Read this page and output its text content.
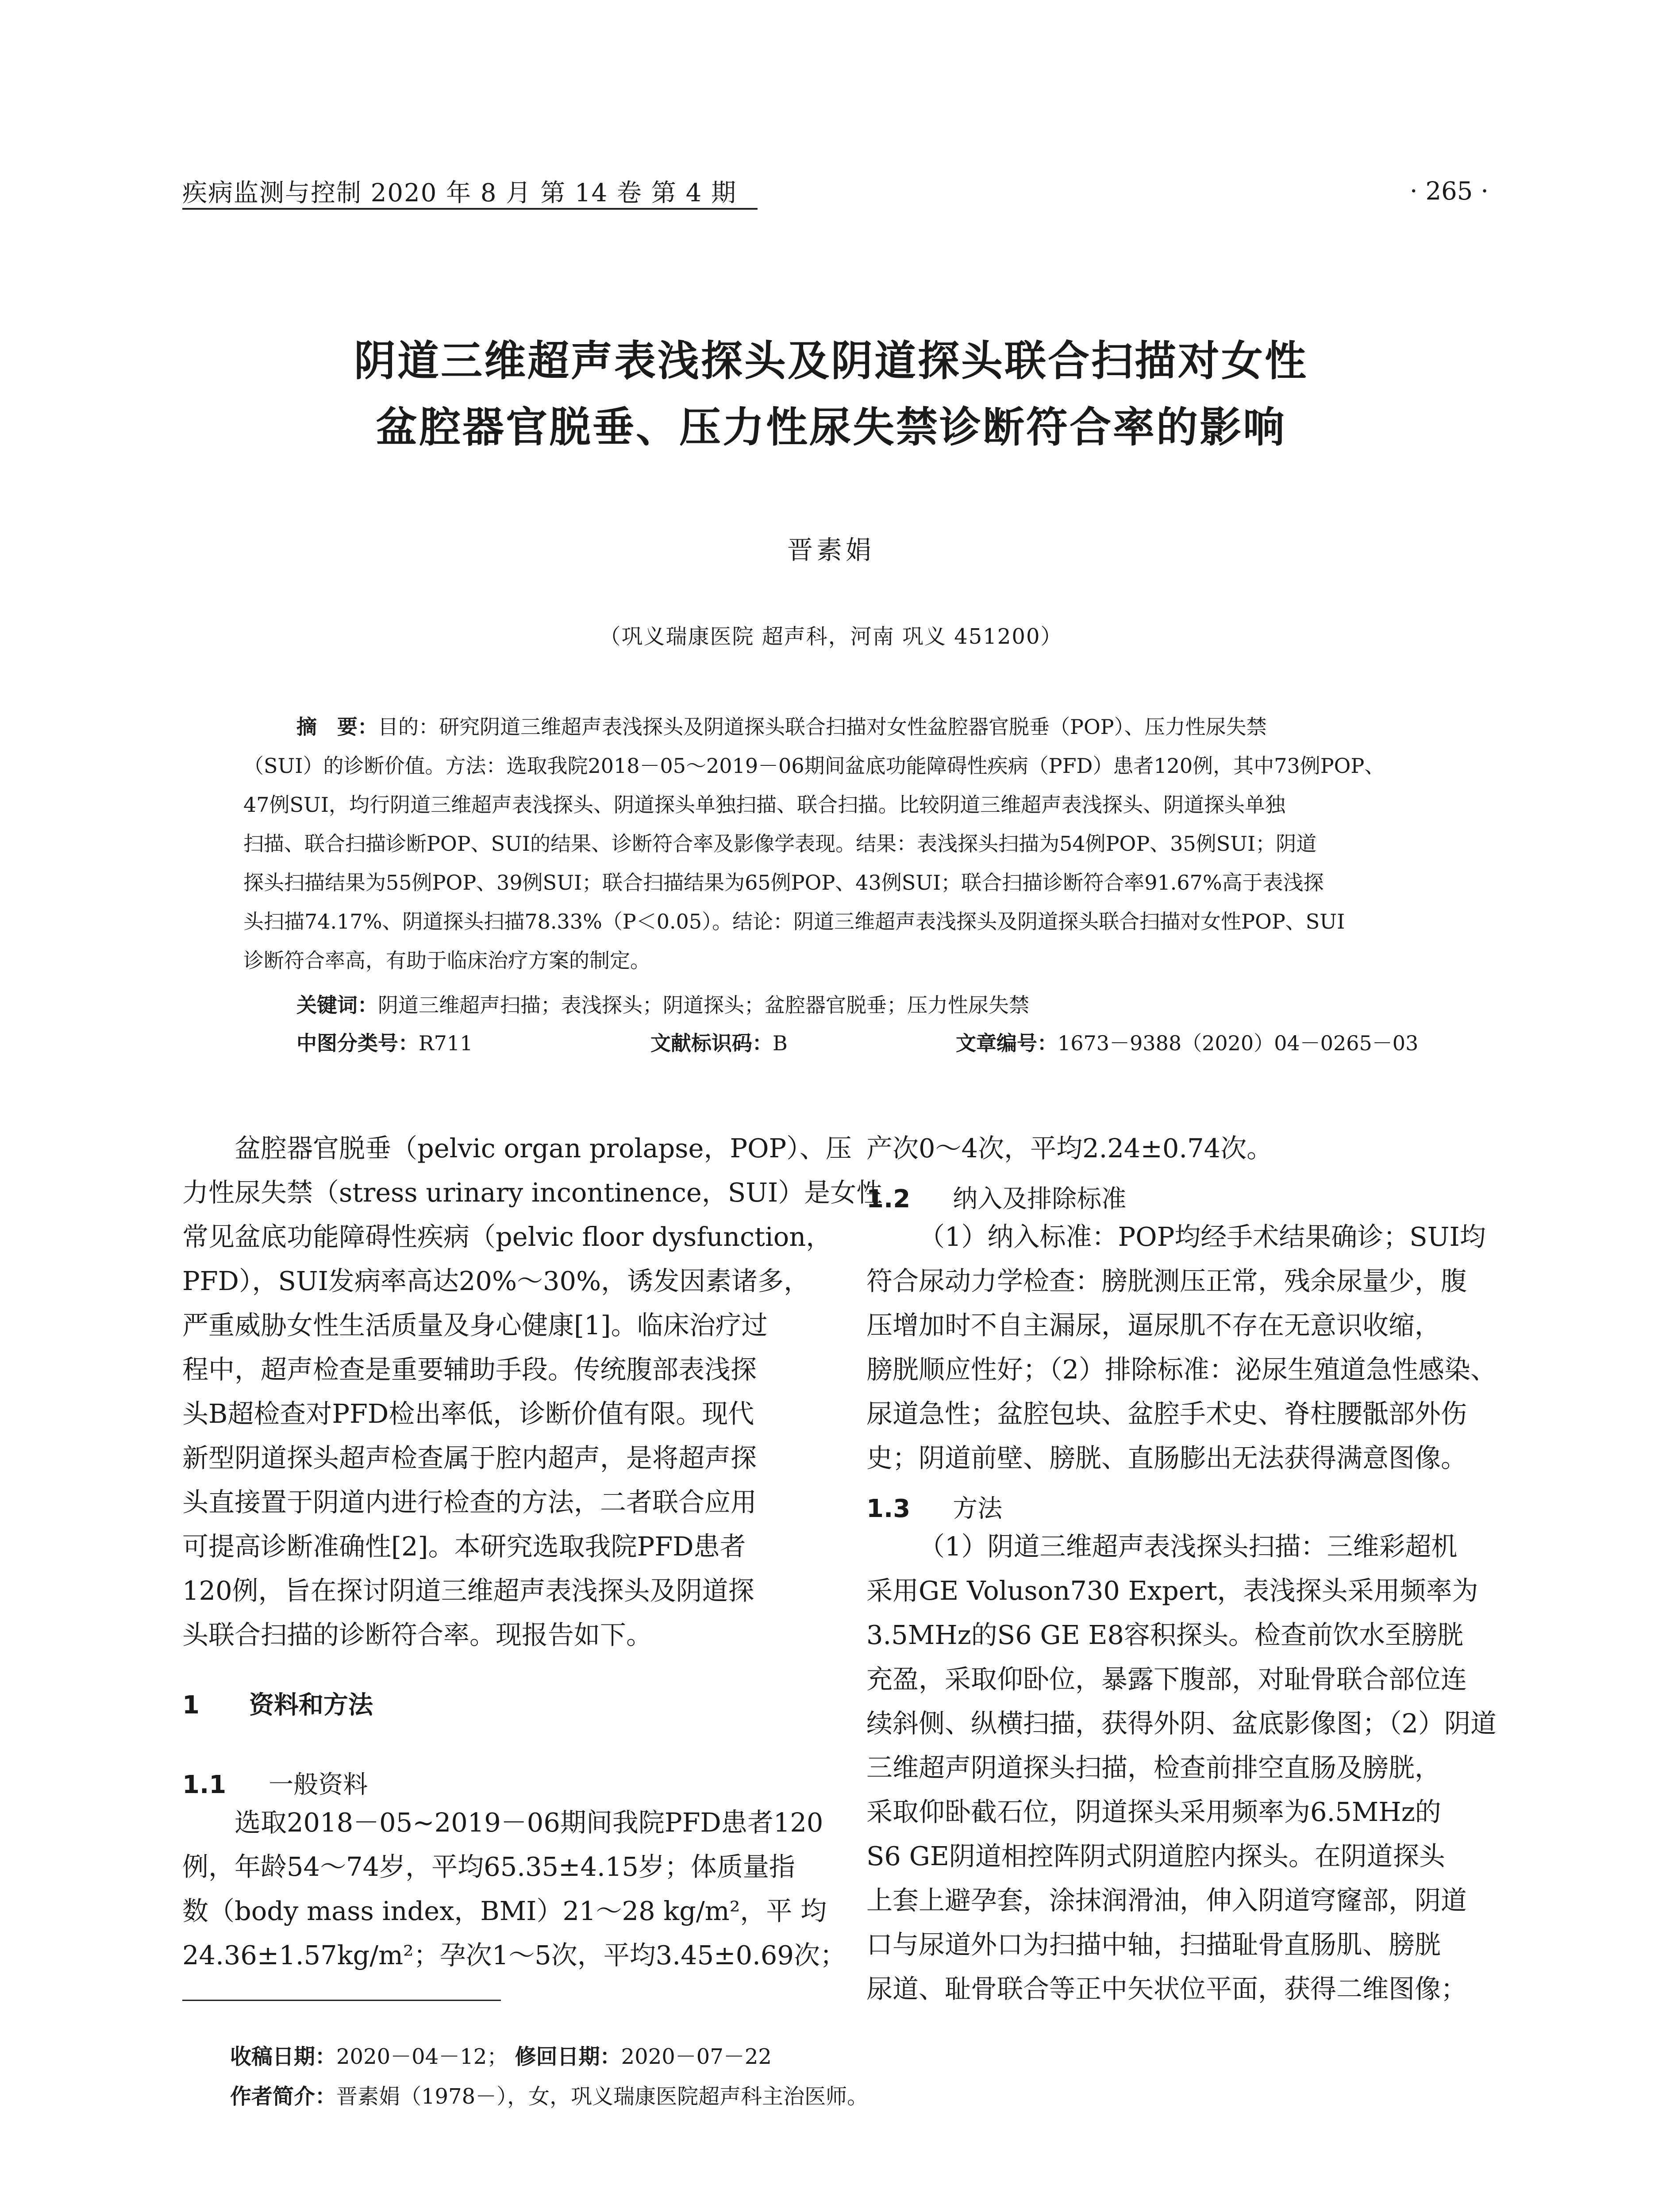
疾病监测与控制 2020 年 8 月 第 14 卷 第 4 期	· 265 ·
阴道三维超声表浅探头及阴道探头联合扫描对女性
盆腔器官脱垂、压力性尿失禁诊断符合率的影响
晋素娟
（巩义瑞康医院 超声科，河南 巩义 451200）
摘　要：目的：研究阴道三维超声表浅探头及阴道探头联合扫描对女性盆腔器官脱垂（POP）、压力性尿失禁
（SUI）的诊断价值。方法：选取我院2018－05～2019－06期间盆底功能障碍性疾病（PFD）患者120例，其中73例POP、
47例SUI，均行阴道三维超声表浅探头、阴道探头单独扫描、联合扫描。比较阴道三维超声表浅探头、阴道探头单独
扫描、联合扫描诊断POP、SUI的结果、诊断符合率及影像学表现。结果：表浅探头扫描为54例POP、35例SUI；阴道
探头扫描结果为55例POP、39例SUI；联合扫描结果为65例POP、43例SUI；联合扫描诊断符合率91.67%高于表浅探
头扫描74.17%、阴道探头扫描78.33%（P＜0.05）。结论：阴道三维超声表浅探头及阴道探头联合扫描对女性POP、SUI
诊断符合率高，有助于临床治疗方案的制定。
关键词：阴道三维超声扫描；表浅探头；阴道探头；盆腔器官脱垂；压力性尿失禁
中图分类号：R711	文献标识码：B	文章编号：1673－9388（2020）04－0265－03
盆腔器官脱垂（pelvic organ prolapse，POP）、压
力性尿失禁（stress urinary incontinence，SUI）是女性
常见盆底功能障碍性疾病（pelvic floor dysfunction，
PFD），SUI发病率高达20%～30%，诱发因素诸多，
严重威胁女性生活质量及身心健康[1]。临床治疗过
程中，超声检查是重要辅助手段。传统腹部表浅探
头B超检查对PFD检出率低，诊断价值有限。现代
新型阴道探头超声检查属于腔内超声，是将超声探
头直接置于阴道内进行检查的方法，二者联合应用
可提高诊断准确性[2]。本研究选取我院PFD患者
120例，旨在探讨阴道三维超声表浅探头及阴道探
头联合扫描的诊断符合率。现报告如下。
1　　资料和方法
1.1 一般资料
选取2018－05~2019－06期间我院PFD患者120
例，年龄54～74岁，平均65.35±4.15岁；体质量指
数（body mass index，BMI）21～28 kg/m²，平 均
24.36±1.57kg/m²；孕次1～5次，平均3.45±0.69次；
产次0～4次，平均2.24±0.74次。
1.2 纳入及排除标准
（1）纳入标准：POP均经手术结果确诊；SUI均
符合尿动力学检查：膀胱测压正常，残余尿量少，腹
压增加时不自主漏尿，逼尿肌不存在无意识收缩，
膀胱顺应性好；（2）排除标准：泌尿生殖道急性感染、
尿道急性；盆腔包块、盆腔手术史、脊柱腰骶部外伤
史；阴道前壁、膀胱、直肠膨出无法获得满意图像。
1.3 方法
（1）阴道三维超声表浅探头扫描：三维彩超机
采用GE Voluson730 Expert，表浅探头采用频率为
3.5MHz的S6 GE E8容积探头。检查前饮水至膀胱
充盈，采取仰卧位，暴露下腹部，对耻骨联合部位连
续斜侧、纵横扫描，获得外阴、盆底影像图；（2）阴道
三维超声阴道探头扫描，检查前排空直肠及膀胱，
采取仰卧截石位，阴道探头采用频率为6.5MHz的
S6 GE阴道相控阵阴式阴道腔内探头。在阴道探头
上套上避孕套，涂抹润滑油，伸入阴道穹窿部，阴道
口与尿道外口为扫描中轴，扫描耻骨直肠肌、膀胱
尿道、耻骨联合等正中矢状位平面，获得二维图像；
收稿日期：2020－04－12； 修回日期：2020－07－22
作者简介：晋素娟（1978－），女，巩义瑞康医院超声科主治医师。
